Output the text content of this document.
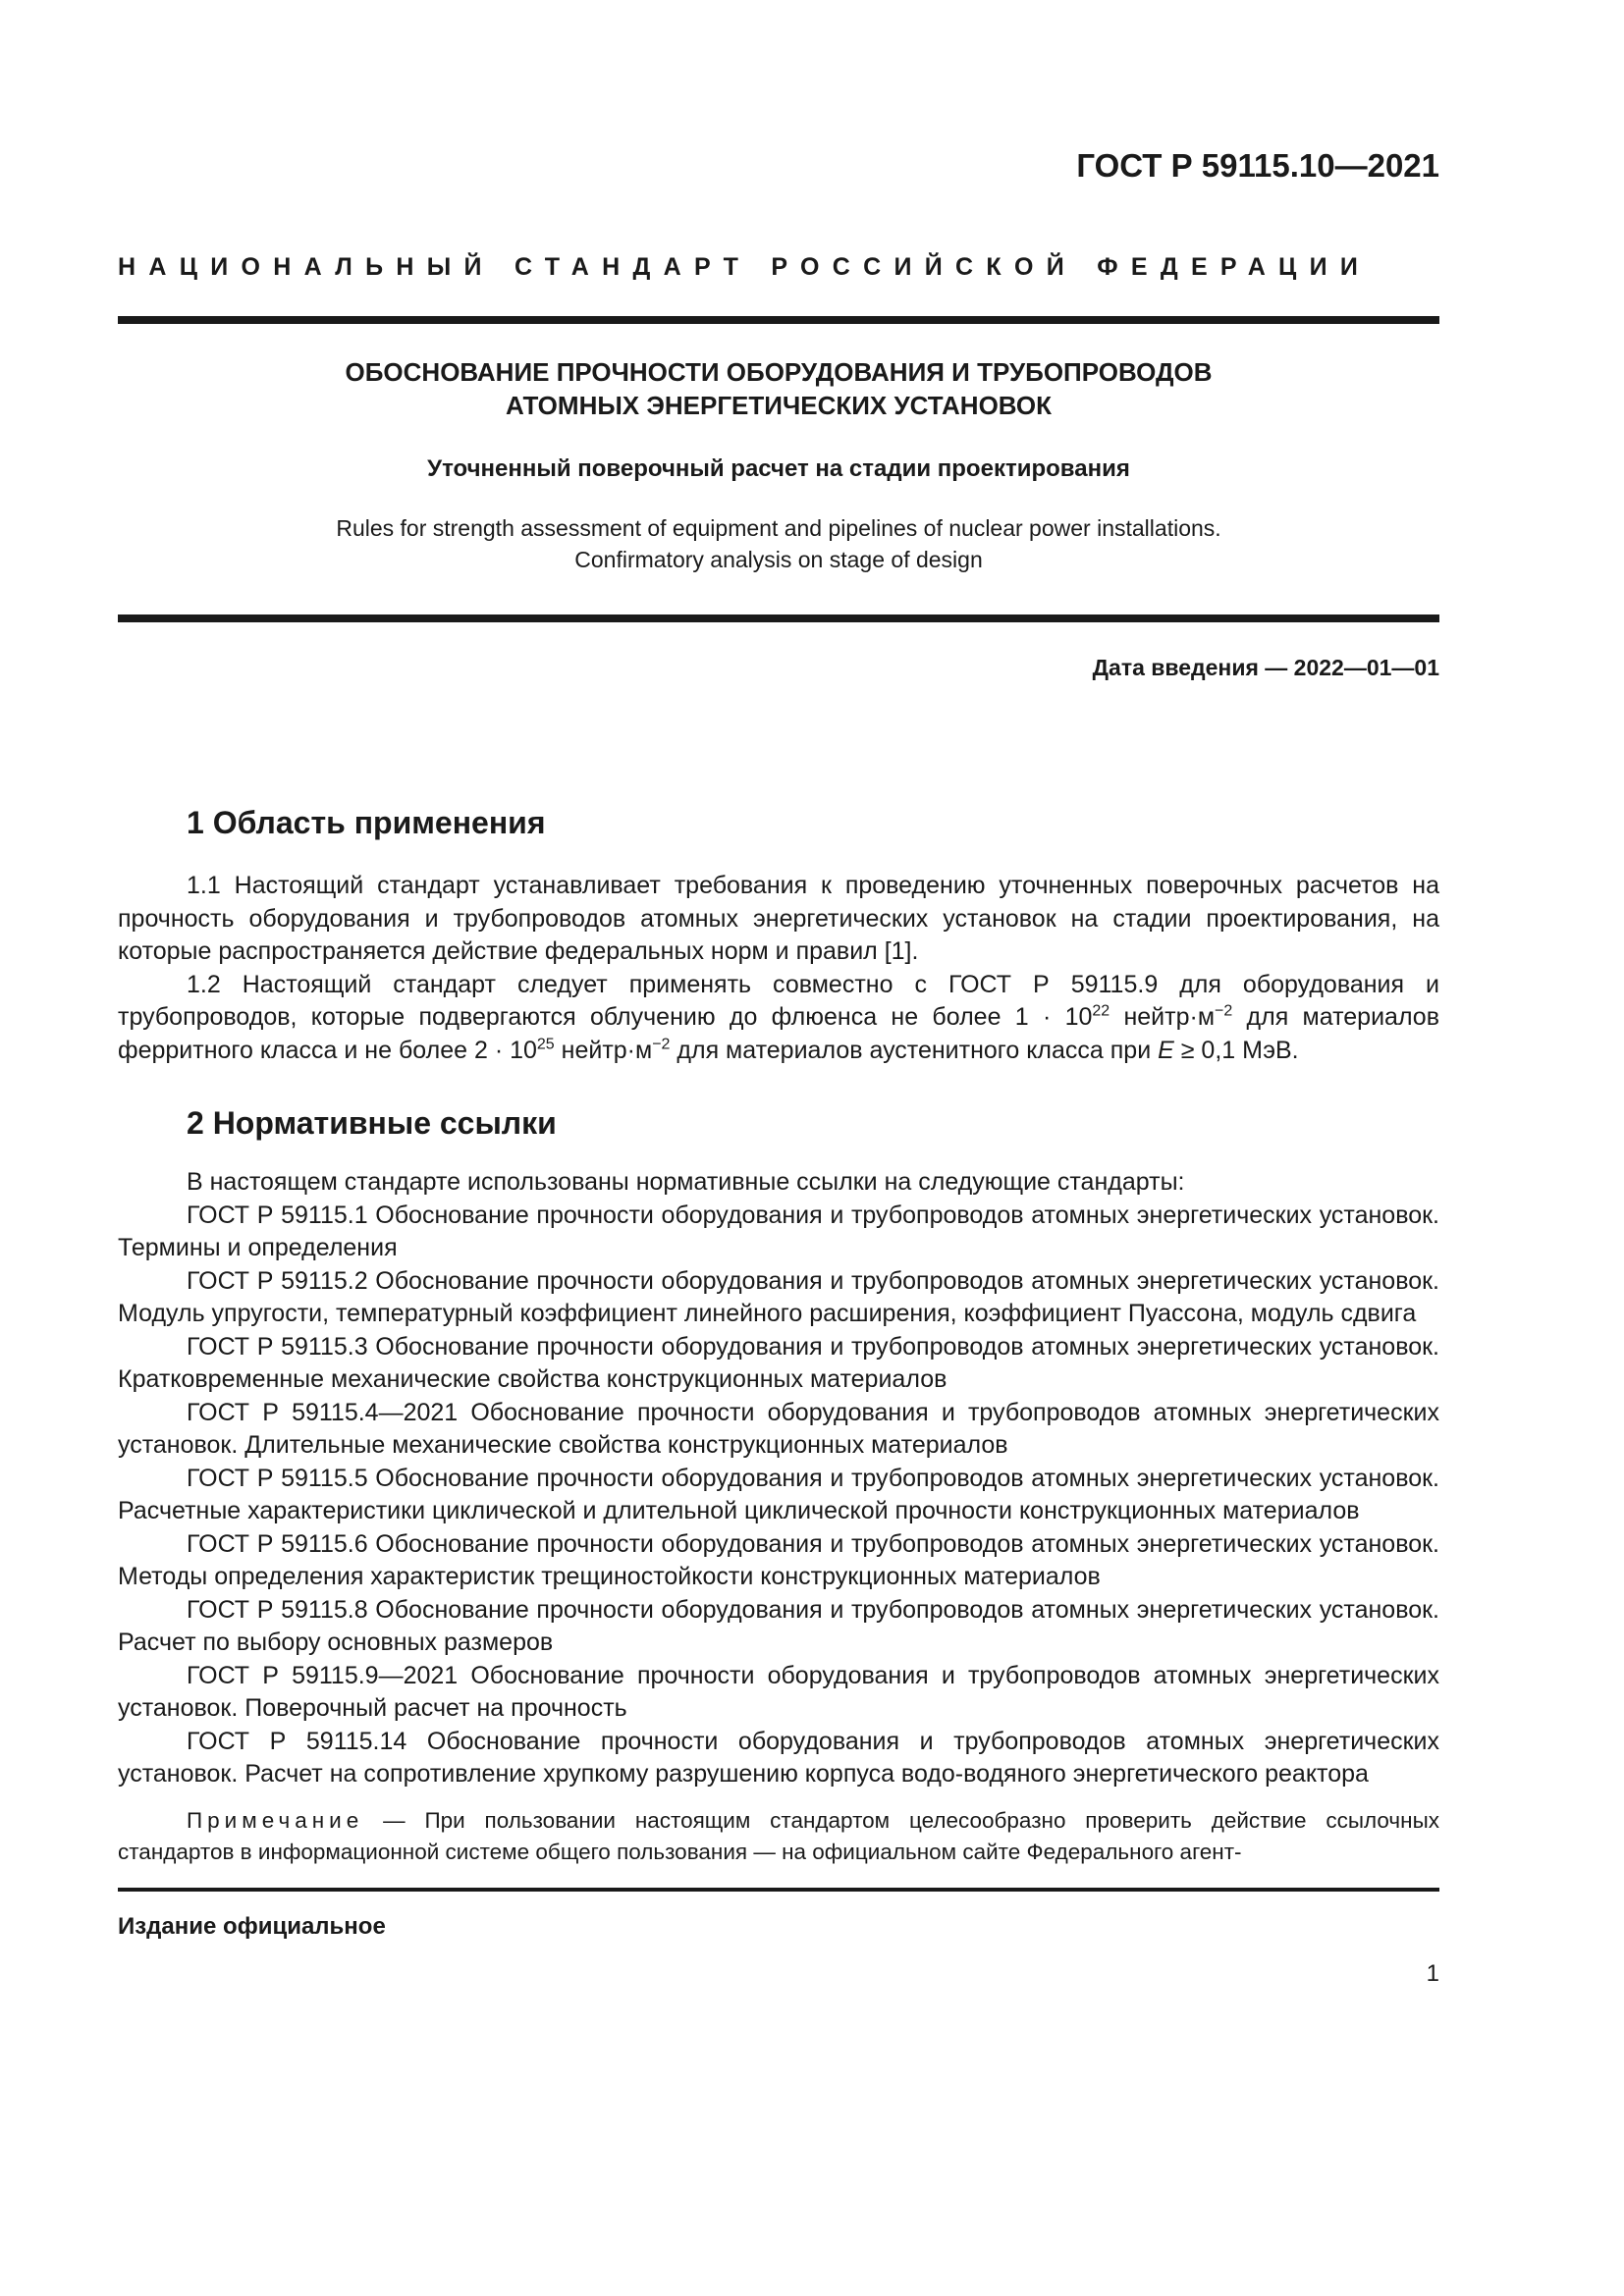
ГОСТ Р 59115.10—2021
НАЦИОНАЛЬНЫЙ СТАНДАРТ РОССИЙСКОЙ ФЕДЕРАЦИИ
ОБОСНОВАНИЕ ПРОЧНОСТИ ОБОРУДОВАНИЯ И ТРУБОПРОВОДОВ
АТОМНЫХ ЭНЕРГЕТИЧЕСКИХ УСТАНОВОК
Уточненный поверочный расчет на стадии проектирования
Rules for strength assessment of equipment and pipelines of nuclear power installations.
Confirmatory analysis on stage of design
Дата введения — 2022—01—01
1 Область применения

1.1 Настоящий стандарт устанавливает требования к проведению уточненных поверочных расчетов на прочность оборудования и трубопроводов атомных энергетических установок на стадии проектирования, на которые распространяется действие федеральных норм и правил [1].

1.2 Настоящий стандарт следует применять совместно с ГОСТ Р 59115.9 для оборудования и трубопроводов, которые подвергаются облучению до флюенса не более $1 \cdot 10^{22}$ $нейтр\cdot м^{-2}$ для материалов ферритного класса и не более $2 \cdot 10^{25}$ $нейтр\cdot м^{-2}$ для материалов аустенитного класса при E ≥ 0,1 МэВ.

2 Нормативные ссылки

В настоящем стандарте использованы нормативные ссылки на следующие стандарты:

ГОСТ Р 59115.1 Обоснование прочности оборудования и трубопроводов атомных энергетических установок. Термины и определения

ГОСТ Р 59115.2 Обоснование прочности оборудования и трубопроводов атомных энергетических установок. Модуль упругости, температурный коэффициент линейного расширения, коэффициент Пуассона, модуль сдвига

ГОСТ Р 59115.3 Обоснование прочности оборудования и трубопроводов атомных энергетических установок. Кратковременные механические свойства конструкционных материалов

ГОСТ Р 59115.4—2021 Обоснование прочности оборудования и трубопроводов атомных энергетических установок. Длительные механические свойства конструкционных материалов

ГОСТ Р 59115.5 Обоснование прочности оборудования и трубопроводов атомных энергетических установок. Расчетные характеристики циклической и длительной циклической прочности конструкционных материалов

ГОСТ Р 59115.6 Обоснование прочности оборудования и трубопроводов атомных энергетических установок. Методы определения характеристик трещиностойкости конструкционных материалов

ГОСТ Р 59115.8 Обоснование прочности оборудования и трубопроводов атомных энергетических установок. Расчет по выбору основных размеров

ГОСТ Р 59115.9—2021 Обоснование прочности оборудования и трубопроводов атомных энергетических установок. Поверочный расчет на прочность

ГОСТ Р 59115.14 Обоснование прочности оборудования и трубопроводов атомных энергетических установок. Расчет на сопротивление хрупкому разрушению корпуса водо-водяного энергетического реактора

Примечание — При пользовании настоящим стандартом целесообразно проверить действие ссылочных стандартов в информационной системе общего пользования — на официальном сайте Федерального агент-

Издание официальное
1
